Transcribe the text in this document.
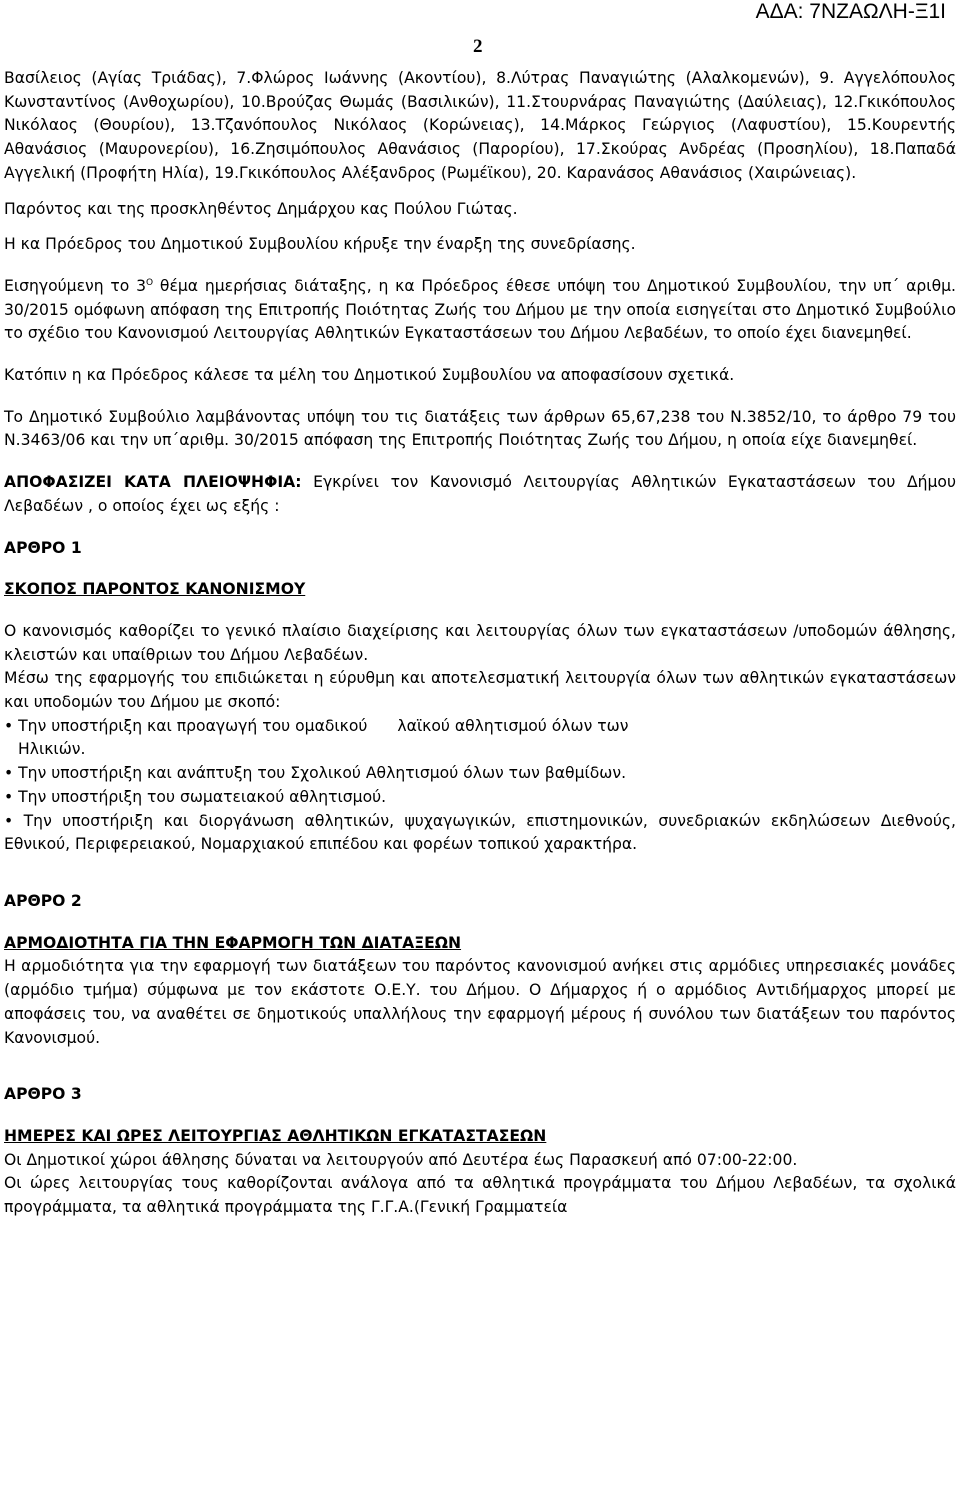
2
ΑΔΑ: 7ΝΖΑΩΛΗ-Ξ1Ι

Βασίλειος (Αγίας Τριάδας), 7.Φλώρος Ιωάννης (Ακοντίου), 8.Λύτρας Παναγιώτης (Αλαλκομενών), 9. Αγγελόπουλος Κωνσταντίνος (Ανθοχωρίου), 10.Βρούζας Θωμάς (Βασιλικών), 11.Στουρνάρας Παναγιώτης (Δαύλειας), 12.Γκικόπουλος Νικόλαος (Θουρίου), 13.Τζανόπουλος Νικόλαος (Κορώνειας), 14.Μάρκος Γεώργιος (Λαφυστίου), 15.Κουρεντής Αθανάσιος (Μαυρονερίου), 16.Ζησιμόπουλος Αθανάσιος (Παρορίου), 17.Σκούρας Ανδρέας (Προσηλίου), 18.Παπαδά Αγγελική (Προφήτη Ηλία), 19.Γκικόπουλος Αλέξανδρος (Ρωμέϊκου), 20. Καρανάσος Αθανάσιος (Χαιρώνειας).

Παρόντος και της προσκληθέντος Δημάρχου κας Πούλου Γιώτας.

Η κα Πρόεδρος του Δημοτικού Συμβουλίου κήρυξε την έναρξη της συνεδρίασης.

Εισηγούμενη το $3^O$ θέμα ημερήσιας διάταξης, η κα Πρόεδρος έθεσε υπόψη του Δημοτικού Συμβουλίου, την υπ΄ αριθμ. 30/2015 ομόφωνη απόφαση της Επιτροπής Ποιότητας Ζωής του Δήμου με την οποία εισηγείται στο Δημοτικό Συμβούλιο το σχέδιο του Κανονισμού Λειτουργίας Αθλητικών Εγκαταστάσεων του Δήμου Λεβαδέων, το οποίο έχει διανεμηθεί.

Κατόπιν η κα Πρόεδρος κάλεσε τα μέλη του Δημοτικού Συμβουλίου να αποφασίσουν σχετικά.

Το Δημοτικό Συμβούλιο λαμβάνοντας υπόψη του τις διατάξεις των άρθρων 65,67,238 του Ν.3852/10, το άρθρο 79 του Ν.3463/06 και την υπ΄αριθμ. 30/2015 απόφαση της Επιτροπής Ποιότητας Ζωής του Δήμου, η οποία είχε διανεμηθεί.

ΑΠΟΦΑΣΙΖΕΙ ΚΑΤΑ ΠΛΕΙΟΨΗΦΙΑ: Εγκρίνει τον Κανονισμό Λειτουργίας Αθλητικών Εγκαταστάσεων του Δήμου Λεβαδέων , ο οποίος έχει ως εξής :

ΑΡΘΡΟ 1

ΣΚΟΠΟΣ ΠΑΡΟΝΤΟΣ ΚΑΝΟΝΙΣΜΟΥ

Ο κανονισμός καθορίζει το γενικό πλαίσιο διαχείρισης και λειτουργίας όλων των εγκαταστάσεων /υποδομών άθλησης, κλειστών και υπαίθριων του Δήμου Λεβαδέων.

Μέσω της εφαρμογής του επιδιώκεται η εύρυθμη και αποτελεσματική λειτουργία όλων των αθλητικών εγκαταστάσεων και υποδομών του Δήμου με σκοπό:

• Την υποστήριξη και προαγωγή του ομαδικού  λαϊκού αθλητισμού όλων των
Ηλικιών.

• Την υποστήριξη και ανάπτυξη του Σχολικού Αθλητισμού όλων των βαθμίδων.

• Την υποστήριξη του σωματειακού αθλητισμού.

• Την υποστήριξη και διοργάνωση αθλητικών, ψυχαγωγικών, επιστημονικών, συνεδριακών εκδηλώσεων Διεθνούς, Εθνικού, Περιφερειακού, Νομαρχιακού επιπέδου και φορέων τοπικού χαρακτήρα.

ΑΡΘΡΟ 2

ΑΡΜΟΔΙΟΤΗΤΑ ΓΙΑ ΤΗΝ ΕΦΑΡΜΟΓΗ ΤΩΝ ΔΙΑΤΑΞΕΩΝ

Η αρμοδιότητα για την εφαρμογή των διατάξεων του παρόντος κανονισμού ανήκει στις αρμόδιες υπηρεσιακές μονάδες (αρμόδιο τμήμα) σύμφωνα με τον εκάστοτε Ο.Ε.Υ. του Δήμου. Ο Δήμαρχος ή ο αρμόδιος Αντιδήμαρχος μπορεί με αποφάσεις του, να αναθέτει σε δημοτικούς υπαλλήλους την εφαρμογή μέρους ή συνόλου των διατάξεων του παρόντος Κανονισμού.

ΑΡΘΡΟ 3

ΗΜΕΡΕΣ ΚΑΙ ΩΡΕΣ ΛΕΙΤΟΥΡΓΙΑΣ ΑΘΛΗΤΙΚΩΝ ΕΓΚΑΤΑΣΤΑΣΕΩΝ

Οι Δημοτικοί χώροι άθλησης δύναται να λειτουργούν από Δευτέρα έως Παρασκευή από 07:00-22:00.

Οι ώρες λειτουργίας τους καθορίζονται ανάλογα από τα αθλητικά προγράμματα του Δήμου Λεβαδέων, τα σχολικά προγράμματα, τα αθλητικά προγράμματα της Γ.Γ.Α.(Γενική Γραμματεία
